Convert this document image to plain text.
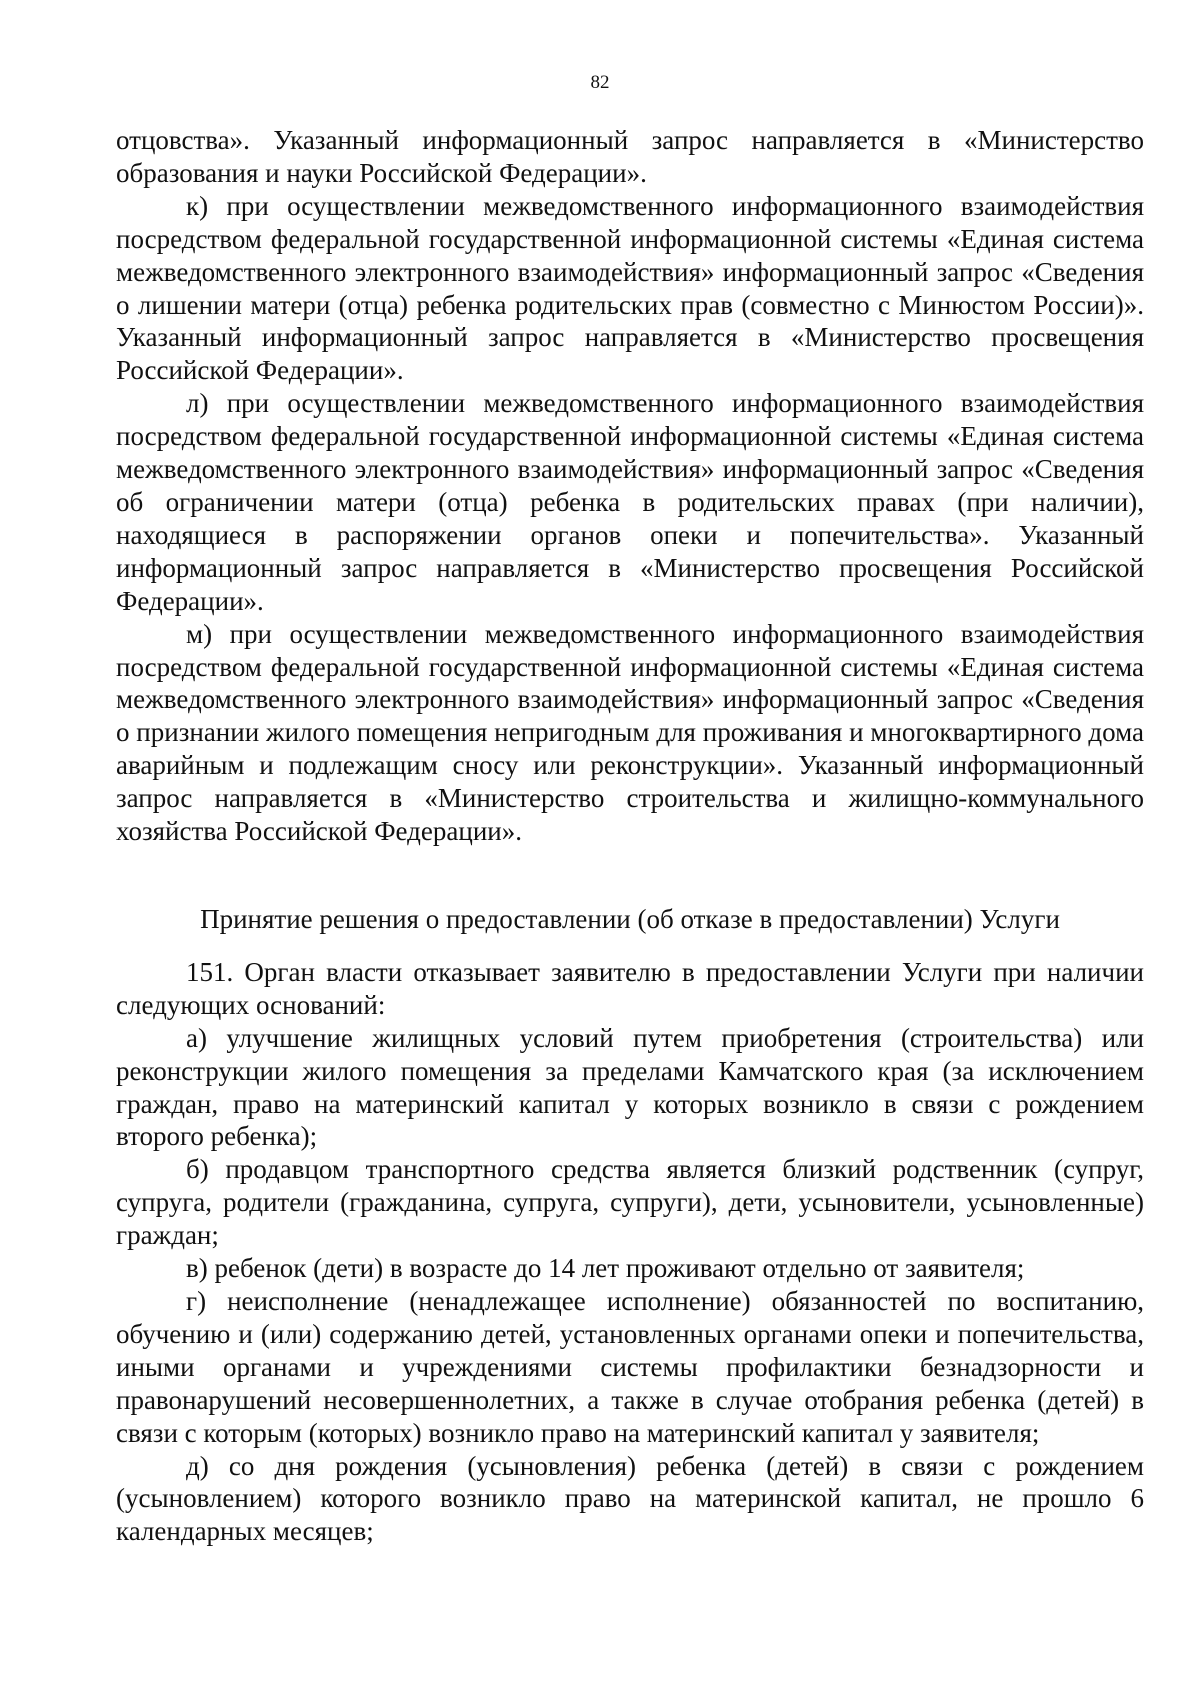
82

отцовства». Указанный информационный запрос направляется в «Министерство образования и науки Российской Федерации».

к) при осуществлении межведомственного информационного взаимодействия посредством федеральной государственной информационной системы «Единая система межведомственного электронного взаимодействия» информационный запрос «Сведения о лишении матери (отца) ребенка родительских прав (совместно с Минюстом России)». Указанный информационный запрос направляется в «Министерство просвещения Российской Федерации».

л) при осуществлении межведомственного информационного взаимодействия посредством федеральной государственной информационной системы «Единая система межведомственного электронного взаимодействия» информационный запрос «Сведения об ограничении матери (отца) ребенка в родительских правах (при наличии), находящиеся в распоряжении органов опеки и попечительства». Указанный информационный запрос направляется в «Министерство просвещения Российской Федерации».

м) при осуществлении межведомственного информационного взаимодействия посредством федеральной государственной информационной системы «Единая система межведомственного электронного взаимодействия» информационный запрос «Сведения о признании жилого помещения непригодным для проживания и многоквартирного дома аварийным и подлежащим сносу или реконструкции». Указанный информационный запрос направляется в «Министерство строительства и жилищно-коммунального хозяйства Российской Федерации».

Принятие решения о предоставлении (об отказе в предоставлении) Услуги

151. Орган власти отказывает заявителю в предоставлении Услуги при наличии следующих оснований:

а) улучшение жилищных условий путем приобретения (строительства) или реконструкции жилого помещения за пределами Камчатского края (за исключением граждан, право на материнский капитал у которых возникло в связи с рождением второго ребенка);

б) продавцом транспортного средства является близкий родственник (супруг, супруга, родители (гражданина, супруга, супруги), дети, усыновители, усыновленные) граждан;

в) ребенок (дети) в возрасте до 14 лет проживают отдельно от заявителя;

г) неисполнение (ненадлежащее исполнение) обязанностей по воспитанию, обучению и (или) содержанию детей, установленных органами опеки и попечительства, иными органами и учреждениями системы профилактики безнадзорности и правонарушений несовершеннолетних, а также в случае отобрания ребенка (детей) в связи с которым (которых) возникло право на материнский капитал у заявителя;

д) со дня рождения (усыновления) ребенка (детей) в связи с рождением (усыновлением) которого возникло право на материнской капитал, не прошло 6 календарных месяцев;
